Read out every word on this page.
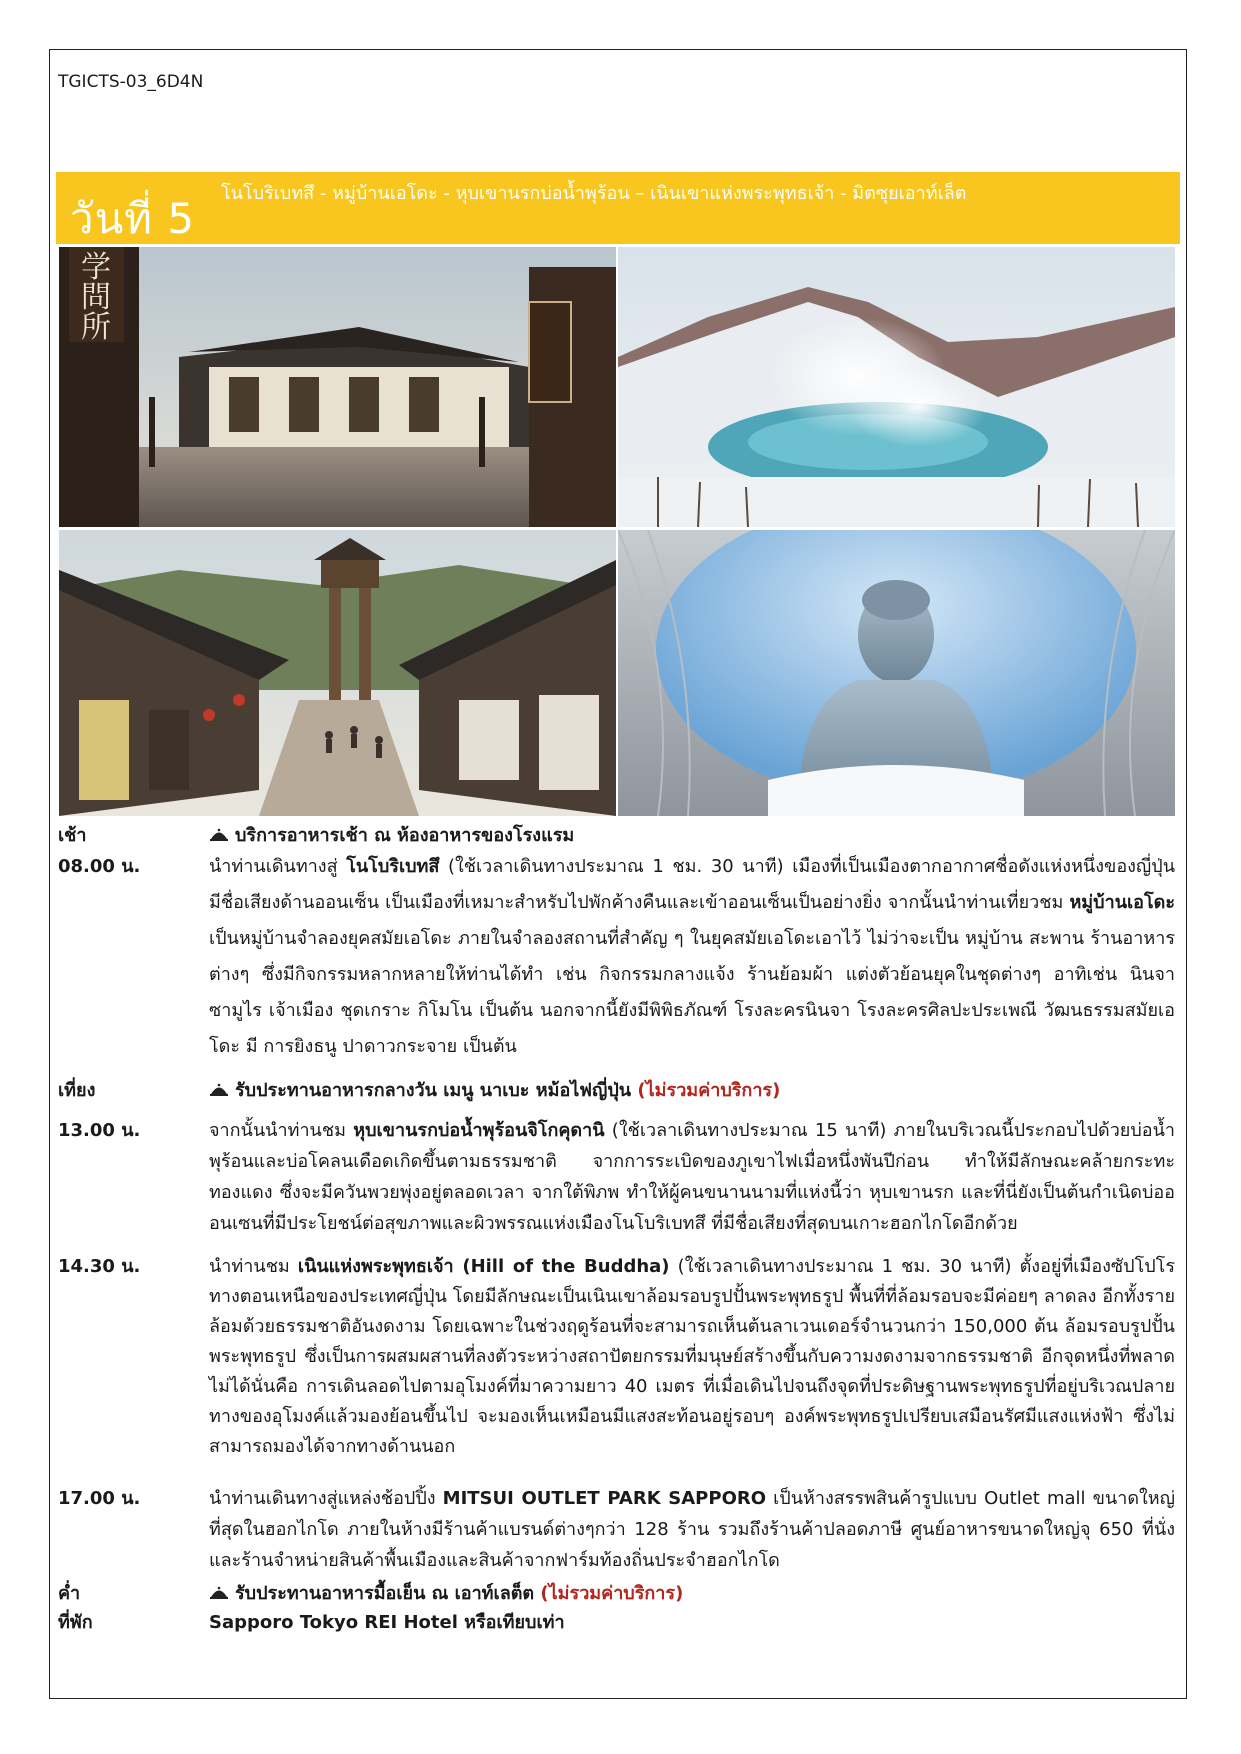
TGICTS-03_6D4N
วันที่ 5
โนโบริเบทสึ - หมู่บ้านเอโดะ - หุบเขานรกบ่อน้ำพุร้อน – เนินเขาแห่งพระพุทธเจ้า - มิตซุยเอาท์เล็ต
学
問
所
เช้า	บริการอาหารเช้า ณ ห้องอาหารของโรงแรม
08.00 น.	นำท่านเดินทางสู่ โนโบริเบทสึ (ใช้เวลาเดินทางประมาณ 1 ชม. 30 นาที) เมืองที่เป็นเมืองตากอากาศชื่อดังแห่งหนึ่งของญี่ปุ่น มีชื่อเสียงด้านออนเซ็น เป็นเมืองที่เหมาะสำหรับไปพักค้างคืนและเข้าออนเซ็นเป็นอย่างยิ่ง จากนั้นนำท่านเที่ยวชม หมู่บ้านเอโดะ เป็นหมู่บ้านจำลองยุคสมัยเอโดะ ภายในจำลองสถานที่สำคัญ ๆ ในยุคสมัยเอโดะเอาไว้ ไม่ว่าจะเป็น หมู่บ้าน สะพาน ร้านอาหารต่างๆ ซึ่งมีกิจกรรมหลากหลายให้ท่านได้ทำ เช่น กิจกรรมกลางแจ้ง ร้านย้อมผ้า แต่งตัวย้อนยุคในชุดต่างๆ อาทิเช่น นินจา ซามูไร เจ้าเมือง ชุดเกราะ กิโมโน เป็นต้น นอกจากนี้ยังมีพิพิธภัณฑ์ โรงละครนินจา โรงละครศิลปะประเพณี วัฒนธรรมสมัยเอโดะ มี การยิงธนู ปาดาวกระจาย เป็นต้น
เที่ยง	รับประทานอาหารกลางวัน เมนู นาเบะ หม้อไฟญี่ปุ่น (ไม่รวมค่าบริการ)
13.00 น.	จากนั้นนำท่านชม หุบเขานรกบ่อน้ำพุร้อนจิโกคุดานิ (ใช้เวลาเดินทางประมาณ 15 นาที) ภายในบริเวณนี้ประกอบไปด้วยบ่อน้ำพุร้อนและบ่อโคลนเดือดเกิดขึ้นตามธรรมชาติ จากการระเบิดของภูเขาไฟเมื่อหนึ่งพันปีก่อน ทำให้มีลักษณะคล้ายกระทะทองแดง ซึ่งจะมีควันพวยพุ่งอยู่ตลอดเวลา จากใต้พิภพ ทำให้ผู้คนขนานนามที่แห่งนี้ว่า หุบเขานรก และที่นี่ยังเป็นต้นกำเนิดบ่อออนเซนที่มีประโยชน์ต่อสุขภาพและผิวพรรณแห่งเมืองโนโบริเบทสึ ที่มีชื่อเสียงที่สุดบนเกาะฮอกไกโดอีกด้วย
14.30 น.	นำท่านชม เนินแห่งพระพุทธเจ้า (Hill of the Buddha) (ใช้เวลาเดินทางประมาณ 1 ชม. 30 นาที) ตั้งอยู่ที่เมืองซัปโปโรทางตอนเหนือของประเทศญี่ปุ่น โดยมีลักษณะเป็นเนินเขาล้อมรอบรูปปั้นพระพุทธรูป พื้นที่ที่ล้อมรอบจะมีค่อยๆ ลาดลง อีกทั้งรายล้อมด้วยธรรมชาติอันงดงาม โดยเฉพาะในช่วงฤดูร้อนที่จะสามารถเห็นต้นลาเวนเดอร์จำนวนกว่า 150,000 ต้น ล้อมรอบรูปปั้นพระพุทธรูป ซึ่งเป็นการผสมผสานที่ลงตัวระหว่างสถาปัตยกรรมที่มนุษย์สร้างขึ้นกับความงดงามจากธรรมชาติ อีกจุดหนึ่งที่พลาดไม่ได้นั่นคือ การเดินลอดไปตามอุโมงค์ที่มาความยาว 40 เมตร ที่เมื่อเดินไปจนถึงจุดที่ประดิษฐานพระพุทธรูปที่อยู่บริเวณปลายทางของอุโมงค์แล้วมองย้อนขึ้นไป จะมองเห็นเหมือนมีแสงสะท้อนอยู่รอบๆ องค์พระพุทธรูปเปรียบเสมือนรัศมีแสงแห่งฟ้า ซึ่งไม่สามารถมองได้จากทางด้านนอก
17.00 น.	นำท่านเดินทางสู่แหล่งช้อปปิ้ง MITSUI OUTLET PARK SAPPORO เป็นห้างสรรพสินค้ารูปแบบ Outlet mall ขนาดใหญ่ที่สุดในฮอกไกโด ภายในห้างมีร้านค้าแบรนด์ต่างๆกว่า 128 ร้าน รวมถึงร้านค้าปลอดภาษี ศูนย์อาหารขนาดใหญ่จุ 650 ที่นั่ง และร้านจำหน่ายสินค้าพื้นเมืองและสินค้าจากฟาร์มท้องถิ่นประจำฮอกไกโด
ค่ำ	รับประทานอาหารมื้อเย็น ณ เอาท์เลต็ต (ไม่รวมค่าบริการ)
ที่พัก	Sapporo Tokyo REI Hotel หรือเทียบเท่า
